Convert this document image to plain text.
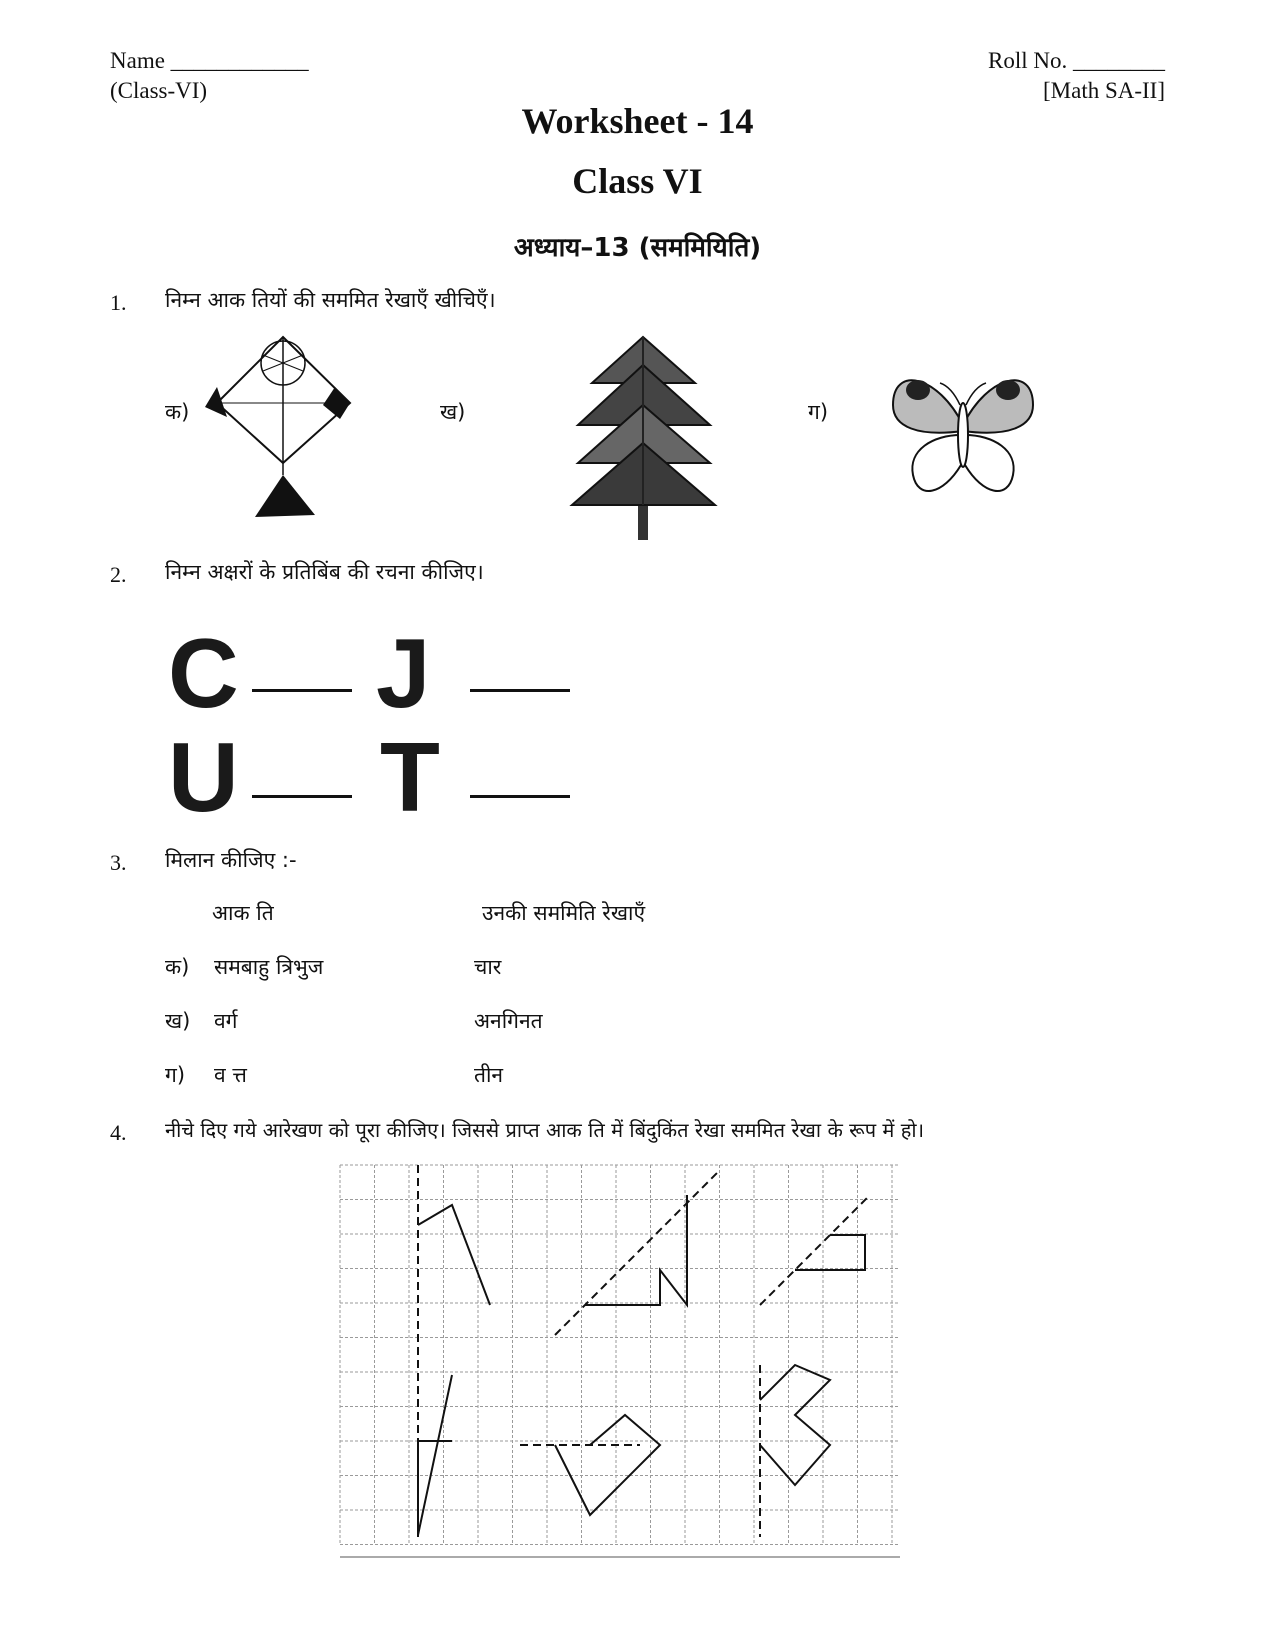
Name ____________
(Class-VI)
Roll No. ________
[Math SA-II]
Worksheet - 14
Class VI
अध्याय–13 (सममियिति)
1. निम्न आक तियों की सममित रेखाएँ खीचिएँ।
क)	ख)	ग)
2. निम्न अक्षरों के प्रतिबिंब की रचना कीजिए।
C J
U T
3. मिलान कीजिए :-
आक ति	उनकी सममिति रेखाएँ
क) समबाहु त्रिभुज	चार
ख) वर्ग	अनगिनत
ग) व त्त	तीन
4. नीचे दिए गये आरेखण को पूरा कीजिए। जिससे प्राप्त आक ति में बिंदुकिंत रेखा सममित रेखा के रूप में हो।
